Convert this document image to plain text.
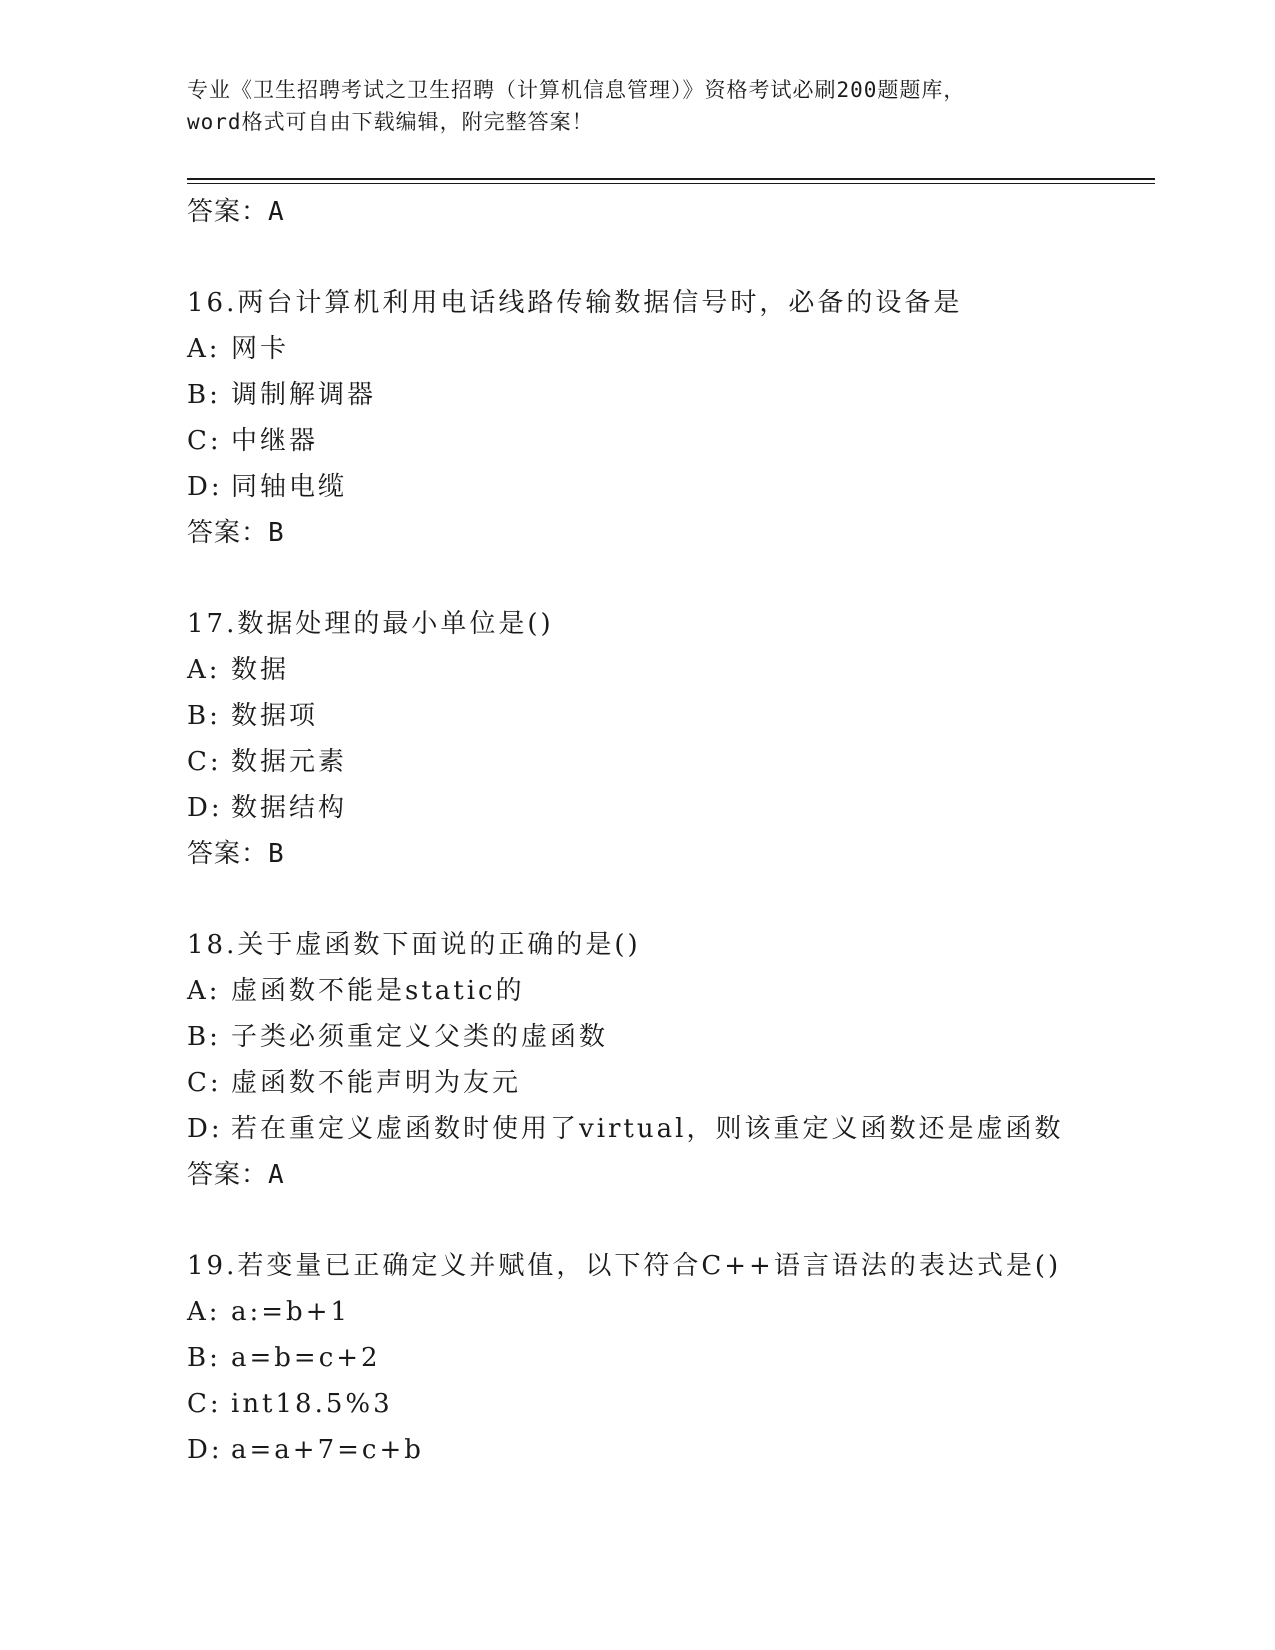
专业《卫生招聘考试之卫生招聘（计算机信息管理）》资格考试必刷200题题库，
word格式可自由下载编辑，附完整答案！
答案：A
16.两台计算机利用电话线路传输数据信号时，必备的设备是
A: 网卡
B: 调制解调器
C: 中继器
D: 同轴电缆
答案：B
17.数据处理的最小单位是()
A: 数据
B: 数据项
C: 数据元素
D: 数据结构
答案：B
18.关于虚函数下面说的正确的是()
A: 虚函数不能是static的
B: 子类必须重定义父类的虚函数
C: 虚函数不能声明为友元
D: 若在重定义虚函数时使用了virtual，则该重定义函数还是虚函数
答案：A
19.若变量已正确定义并赋值，以下符合C++语言语法的表达式是()
A: a:=b+1
B: a=b=c+2
C: int18.5%3
D: a=a+7=c+b
